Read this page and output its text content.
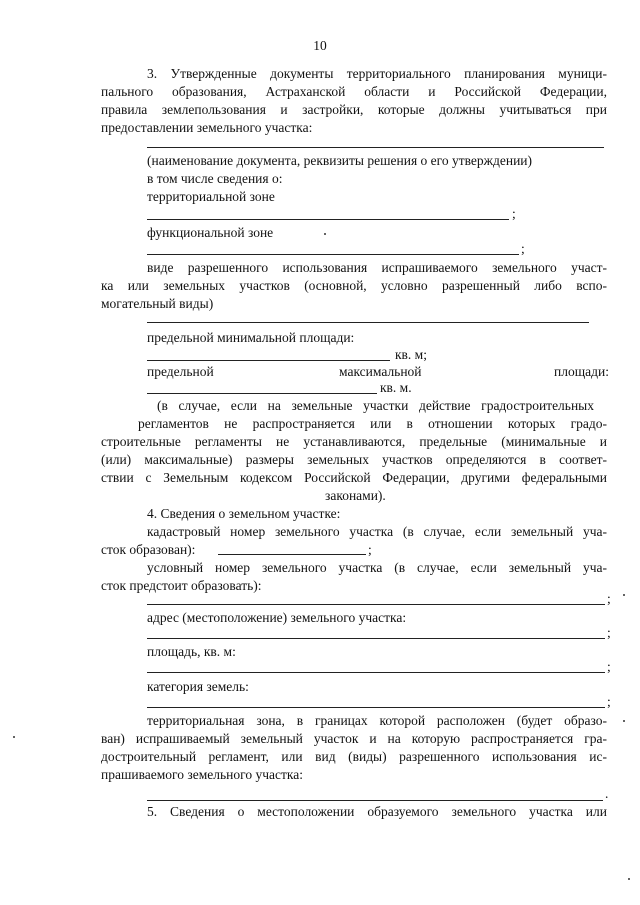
10

3. Утвержденные документы территориального планирования муници-

пального образования, Астраханской области и Российской Федерации,

правила землепользования и застройки, которые должны учитываться при

предоставлении земельного участка:

(наименование документа, реквизиты решения о его утверждении)

в том числе сведения о:

территориальной зоне

;

функциональной зоне

;

виде разрешенного использования испрашиваемого земельного участ-

ка или земельных участков (основной, условно разрешенный либо вспо-

могательный виды)

предельной минимальной площади:

кв. м;

предельной	максимальной	площади:

кв. м.

(в случае, если на земельные участки действие градостроительных

регламентов не распространяется или в отношении которых градо-

строительные регламенты не устанавливаются, предельные (минимальные и

(или) максимальные) размеры земельных участков определяются в соответ-

ствии с Земельным кодексом Российской Федерации, другими федеральными

законами).

4. Сведения о земельном участке:

кадастровый номер земельного участка (в случае, если земельный уча-

сток образован):	;

условный номер земельного участка (в случае, если земельный уча-

сток предстоит образовать):

;

адрес (местоположение) земельного участка:

;

площадь, кв. м:

;

категория земель:

;

территориальная зона, в границах которой расположен (будет образо-

ван) испрашиваемый земельный участок и на которую распространяется гра-

достроительный регламент, или вид (виды) разрешенного использования ис-

прашиваемого земельного участка:

.

5. Сведения о местоположении образуемого земельного участка или
